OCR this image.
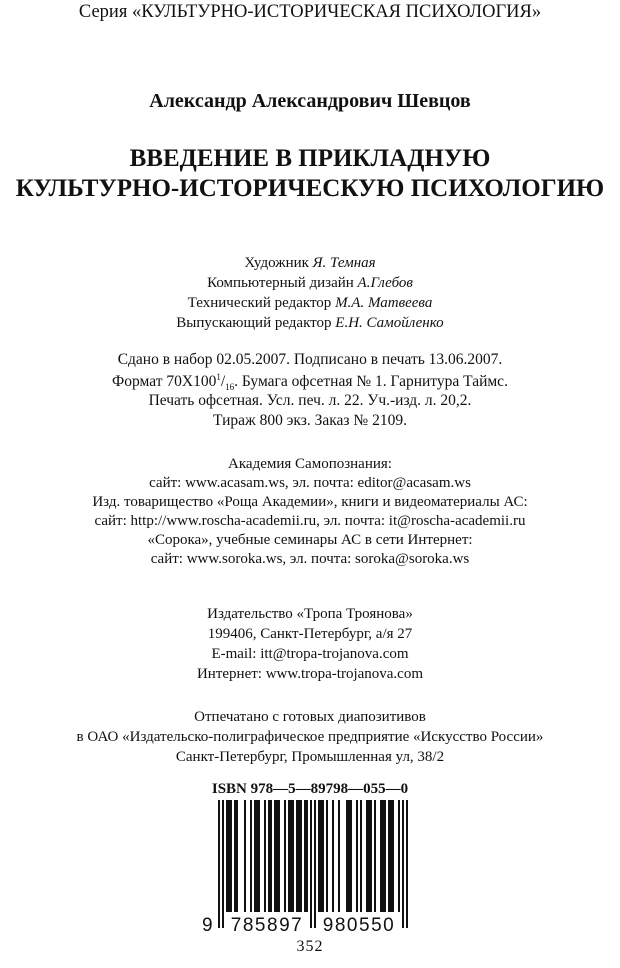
Серия «КУЛЬТУРНО-ИСТОРИЧЕСКАЯ ПСИХОЛОГИЯ»
Александр Александрович Шевцов
ВВЕДЕНИЕ В ПРИКЛАДНУЮ
КУЛЬТУРНО-ИСТОРИЧЕСКУЮ ПСИХОЛОГИЮ
Художник Я. Темная
Компьютерный дизайн А.Глебов
Технический редактор М.А. Матвеева
Выпускающий редактор Е.Н. Самойленко
Сдано в набор 02.05.2007. Подписано в печать 13.06.2007.
Формат $70Х100^1/_{16}$. Бумага офсетная № 1. Гарнитура Таймс.
Печать офсетная. Усл. печ. л. 22. Уч.-изд. л. 20,2.
Тираж 800 экз. Заказ № 2109.
Академия Самопознания:
сайт: www.acasam.ws, эл. почта: editor@acasam.ws
Изд. товарищество «Роща Академии», книги и видеоматериалы АС:
сайт: http://www.roscha-academii.ru, эл. почта: it@roscha-academii.ru
«Сорока», учебные семинары АС в сети Интернет:
сайт: www.soroka.ws, эл. почта: soroka@soroka.ws
Издательство «Тропа Троянова»
199406, Санкт-Петербург, а/я 27
E-mail: itt@tropa-trojanova.com
Интернет: www.tropa-trojanova.com
Отпечатано с готовых диапозитивов
в ОАО «Издательско-полиграфическое предприятие «Искусство России»
Санкт-Петербург, Промышленная ул, 38/2
ISBN 978—5—89798—055—0
9 785897 980550
352
